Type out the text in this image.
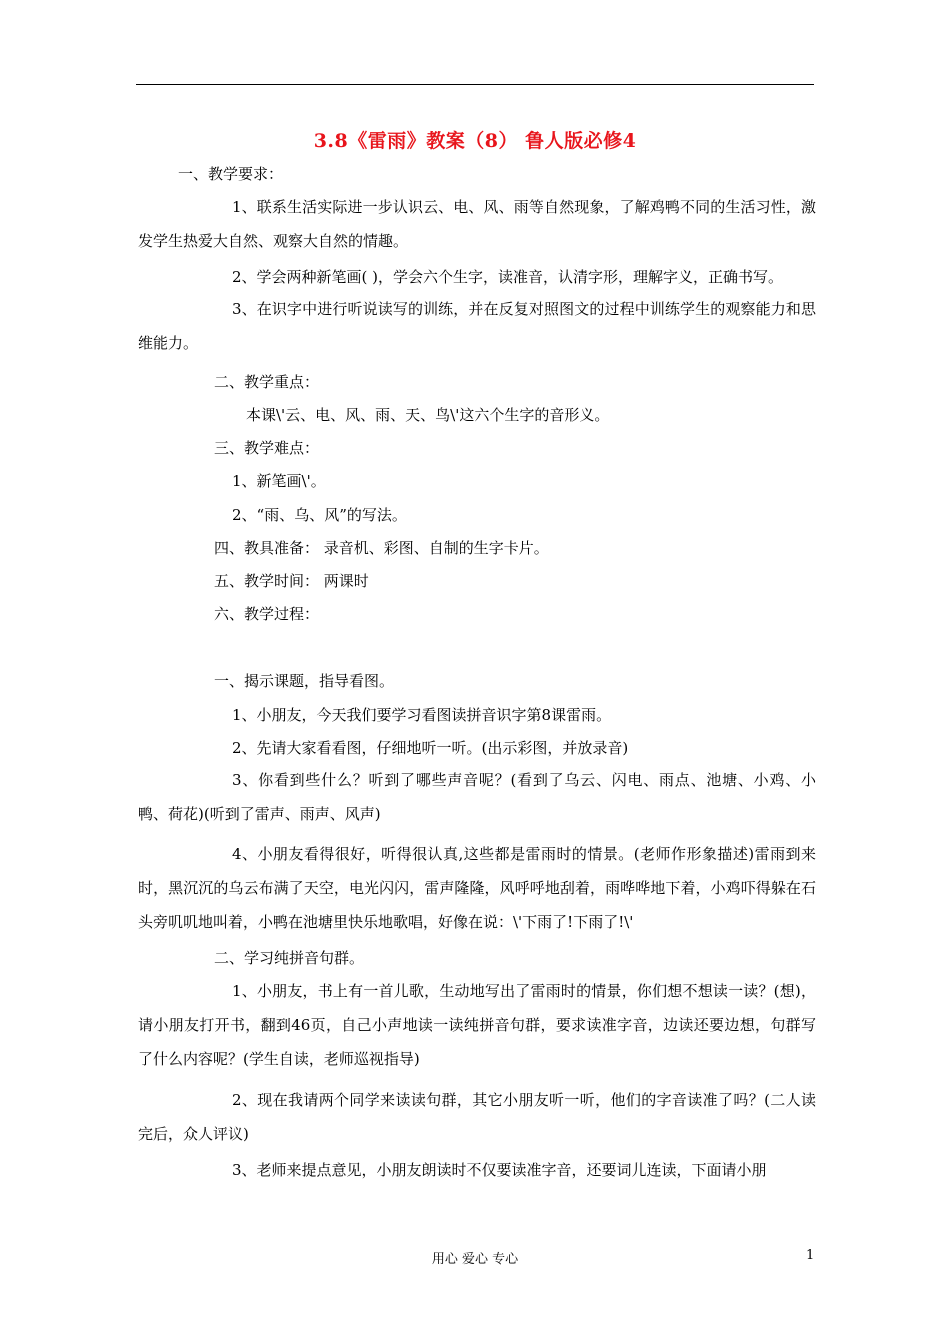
3.8《雷雨》教案（8） 鲁人版必修4
一、教学要求：
1、联系生活实际进一步认识云、电、风、雨等自然现象，了解鸡鸭不同的生活习性，激发学生热爱大自然、观察大自然的情趣。
2、学会两种新笔画( )，学会六个生字，读准音，认清字形，理解字义，正确书写。
3、在识字中进行听说读写的训练，并在反复对照图文的过程中训练学生的观察能力和思维能力。
二、教学重点：
本课\'云、电、风、雨、天、鸟\'这六个生字的音形义。
三、教学难点：
1、新笔画\'。
2、“雨、乌、风”的写法。
四、教具准备： 录音机、彩图、自制的生字卡片。
五、教学时间： 两课时
六、教学过程：
一、揭示课题，指导看图。
1、小朋友，今天我们要学习看图读拼音识字第8课雷雨。
2、先请大家看看图，仔细地听一听。(出示彩图，并放录音)
3、你看到些什么？听到了哪些声音呢？(看到了乌云、闪电、雨点、池塘、小鸡、小鸭、荷花)(听到了雷声、雨声、风声)
4、小朋友看得很好，听得很认真,这些都是雷雨时的情景。(老师作形象描述)雷雨到来时，黑沉沉的乌云布满了天空，电光闪闪，雷声隆隆，风呼呼地刮着，雨哗哗地下着，小鸡吓得躲在石头旁叽叽地叫着，小鸭在池塘里快乐地歌唱，好像在说：\'下雨了!下雨了!\'
二、学习纯拼音句群。
1、小朋友，书上有一首儿歌，生动地写出了雷雨时的情景，你们想不想读一读？(想)，请小朋友打开书，翻到46页，自己小声地读一读纯拼音句群，要求读准字音，边读还要边想，句群写了什么内容呢？(学生自读，老师巡视指导)
2、现在我请两个同学来读读句群，其它小朋友听一听，他们的字音读准了吗？(二人读完后，众人评议)
3、老师来提点意见，小朋友朗读时不仅要读准字音，还要词儿连读，下面请小朋
用心 爱心 专心	1
